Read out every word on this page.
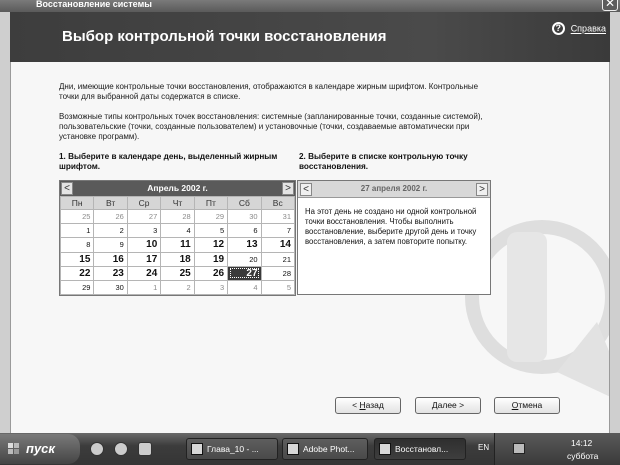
Восстановление системы	✕
Выбор контрольной точки восстановления	? Справка
Дни, имеющие контрольные точки восстановления, отображаются в календаре жирным шрифтом. Контрольные точки для выбранной даты содержатся в списке.
Возможные типы контрольных точек восстановления: системные (запланированные точки, созданные системой), пользовательские (точки, созданные пользователем) и установочные (точки, создаваемые автоматически при установке программ).
1. Выберите в календаре день, выделенный жирным шрифтом.
2. Выберите в списке контрольную точку восстановления.
<	Апрель 2002 г.	>
Пн	Вт	Ср	Чт	Пт	Сб	Вс
25	26	27	28	29	30	31
1	2	3	4	5	6	7
8	9	10	11	12	13	14
15	16	17	18	19	20	21
22	23	24	25	26	27	28
29	30	1	2	3	4	5
<	27 апреля 2002 г.	>
На этот день не создано ни одной контрольной точки восстановления. Чтобы выполнить восстановление, выберите другой день и точку восстановления, а затем повторите попытку.
< Назад	Далее >	Отмена
пуск	Глава_10 - ...	Adobe Phot...	Восстановл...	EN	14:12
суббота
